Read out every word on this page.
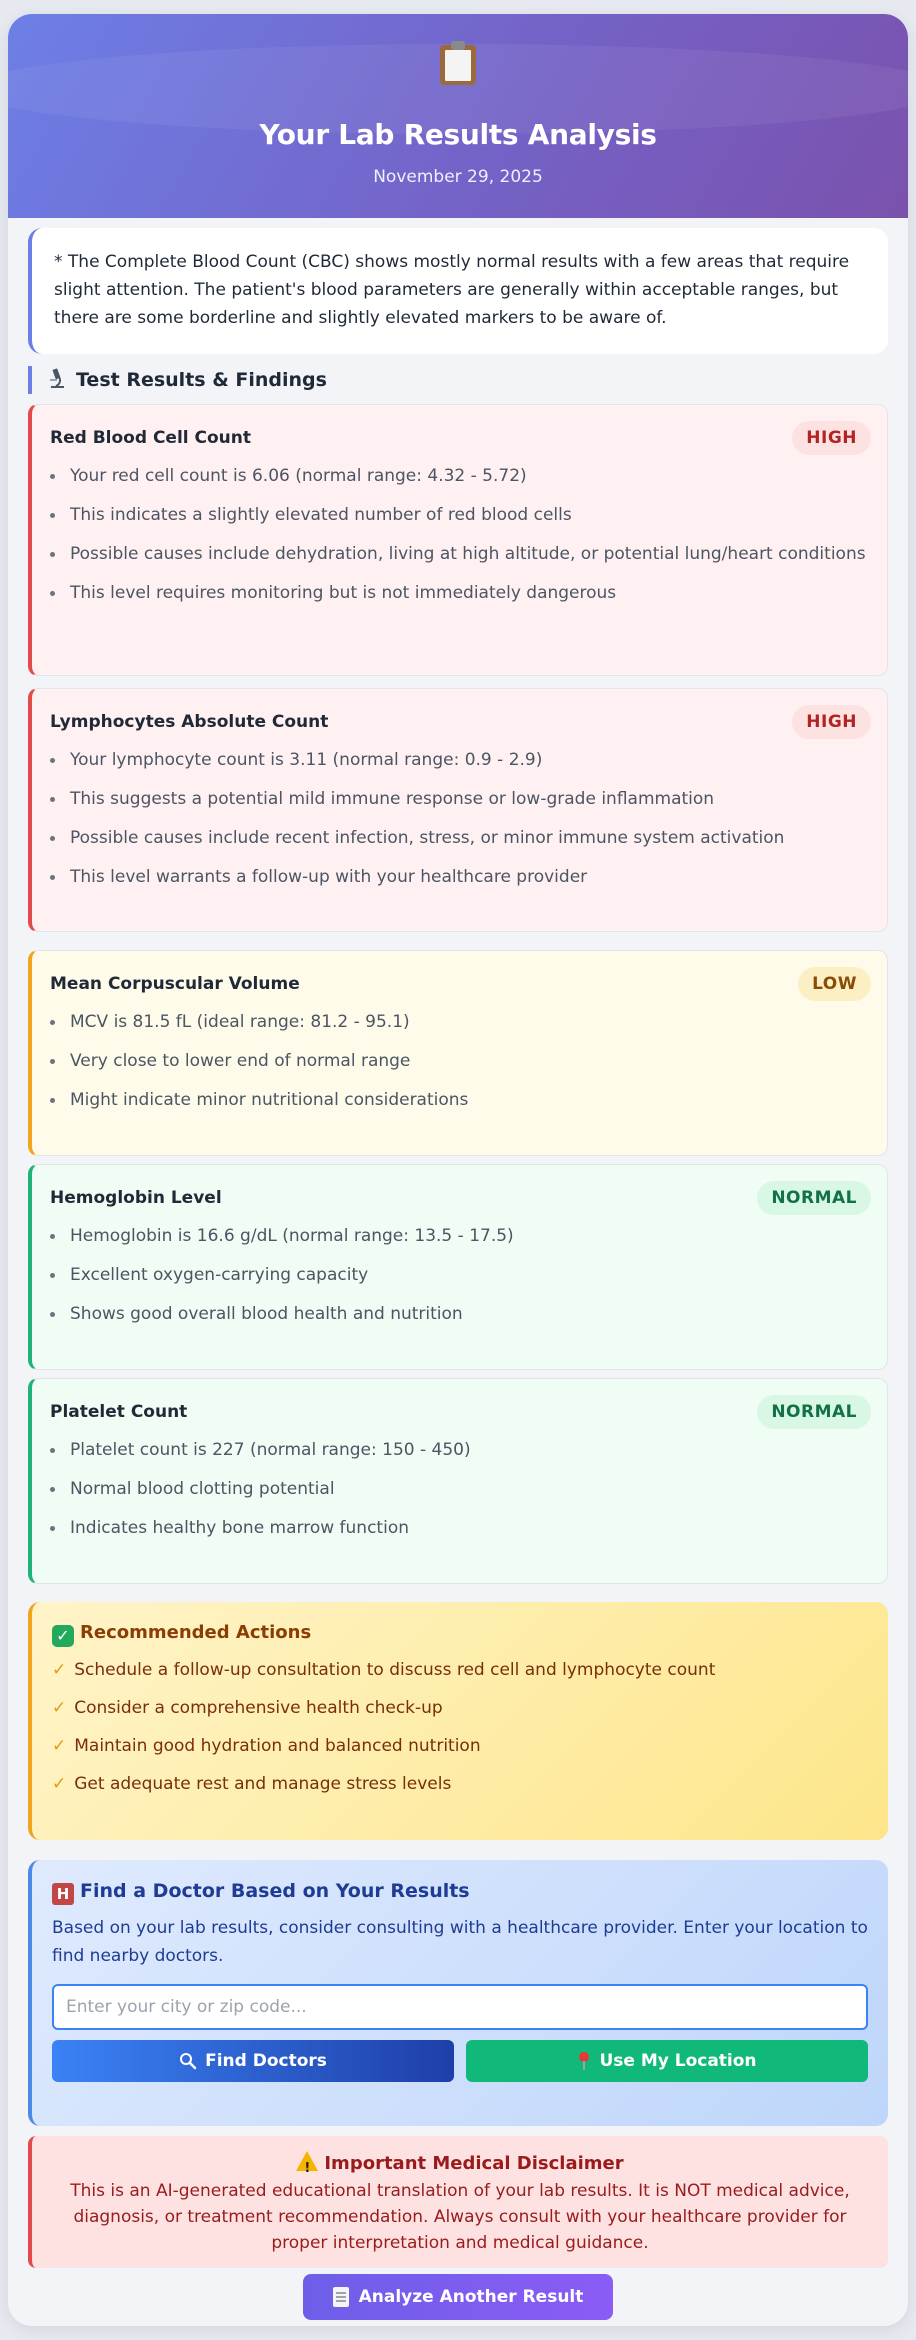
Your Lab Results Analysis
November 29, 2025
* The Complete Blood Count (CBC) shows mostly normal results with a few areas that require slight attention. The patient's blood parameters are generally within acceptable ranges, but there are some borderline and slightly elevated markers to be aware of.
Test Results & Findings
Red Blood Cell Count	HIGH
Your red cell count is 6.06 (normal range: 4.32 - 5.72)
This indicates a slightly elevated number of red blood cells
Possible causes include dehydration, living at high altitude, or potential lung/heart conditions
This level requires monitoring but is not immediately dangerous
Lymphocytes Absolute Count	HIGH
Your lymphocyte count is 3.11 (normal range: 0.9 - 2.9)
This suggests a potential mild immune response or low-grade inflammation
Possible causes include recent infection, stress, or minor immune system activation
This level warrants a follow-up with your healthcare provider
Mean Corpuscular Volume	LOW
MCV is 81.5 fL (ideal range: 81.2 - 95.1)
Very close to lower end of normal range
Might indicate minor nutritional considerations
Hemoglobin Level	NORMAL
Hemoglobin is 16.6 g/dL (normal range: 13.5 - 17.5)
Excellent oxygen-carrying capacity
Shows good overall blood health and nutrition
Platelet Count	NORMAL
Platelet count is 227 (normal range: 150 - 450)
Normal blood clotting potential
Indicates healthy bone marrow function
✓ Recommended Actions
✓ Schedule a follow-up consultation to discuss red cell and lymphocyte count
✓ Consider a comprehensive health check-up
✓ Maintain good hydration and balanced nutrition
✓ Get adequate rest and manage stress levels
H Find a Doctor Based on Your Results
Based on your lab results, consider consulting with a healthcare provider. Enter your location to find nearby doctors.
Enter your city or zip code...
Find Doctors	Use My Location
!Important Medical Disclaimer
This is an AI-generated educational translation of your lab results. It is NOT medical advice, diagnosis, or treatment recommendation. Always consult with your healthcare provider for proper interpretation and medical guidance.
Analyze Another Result
